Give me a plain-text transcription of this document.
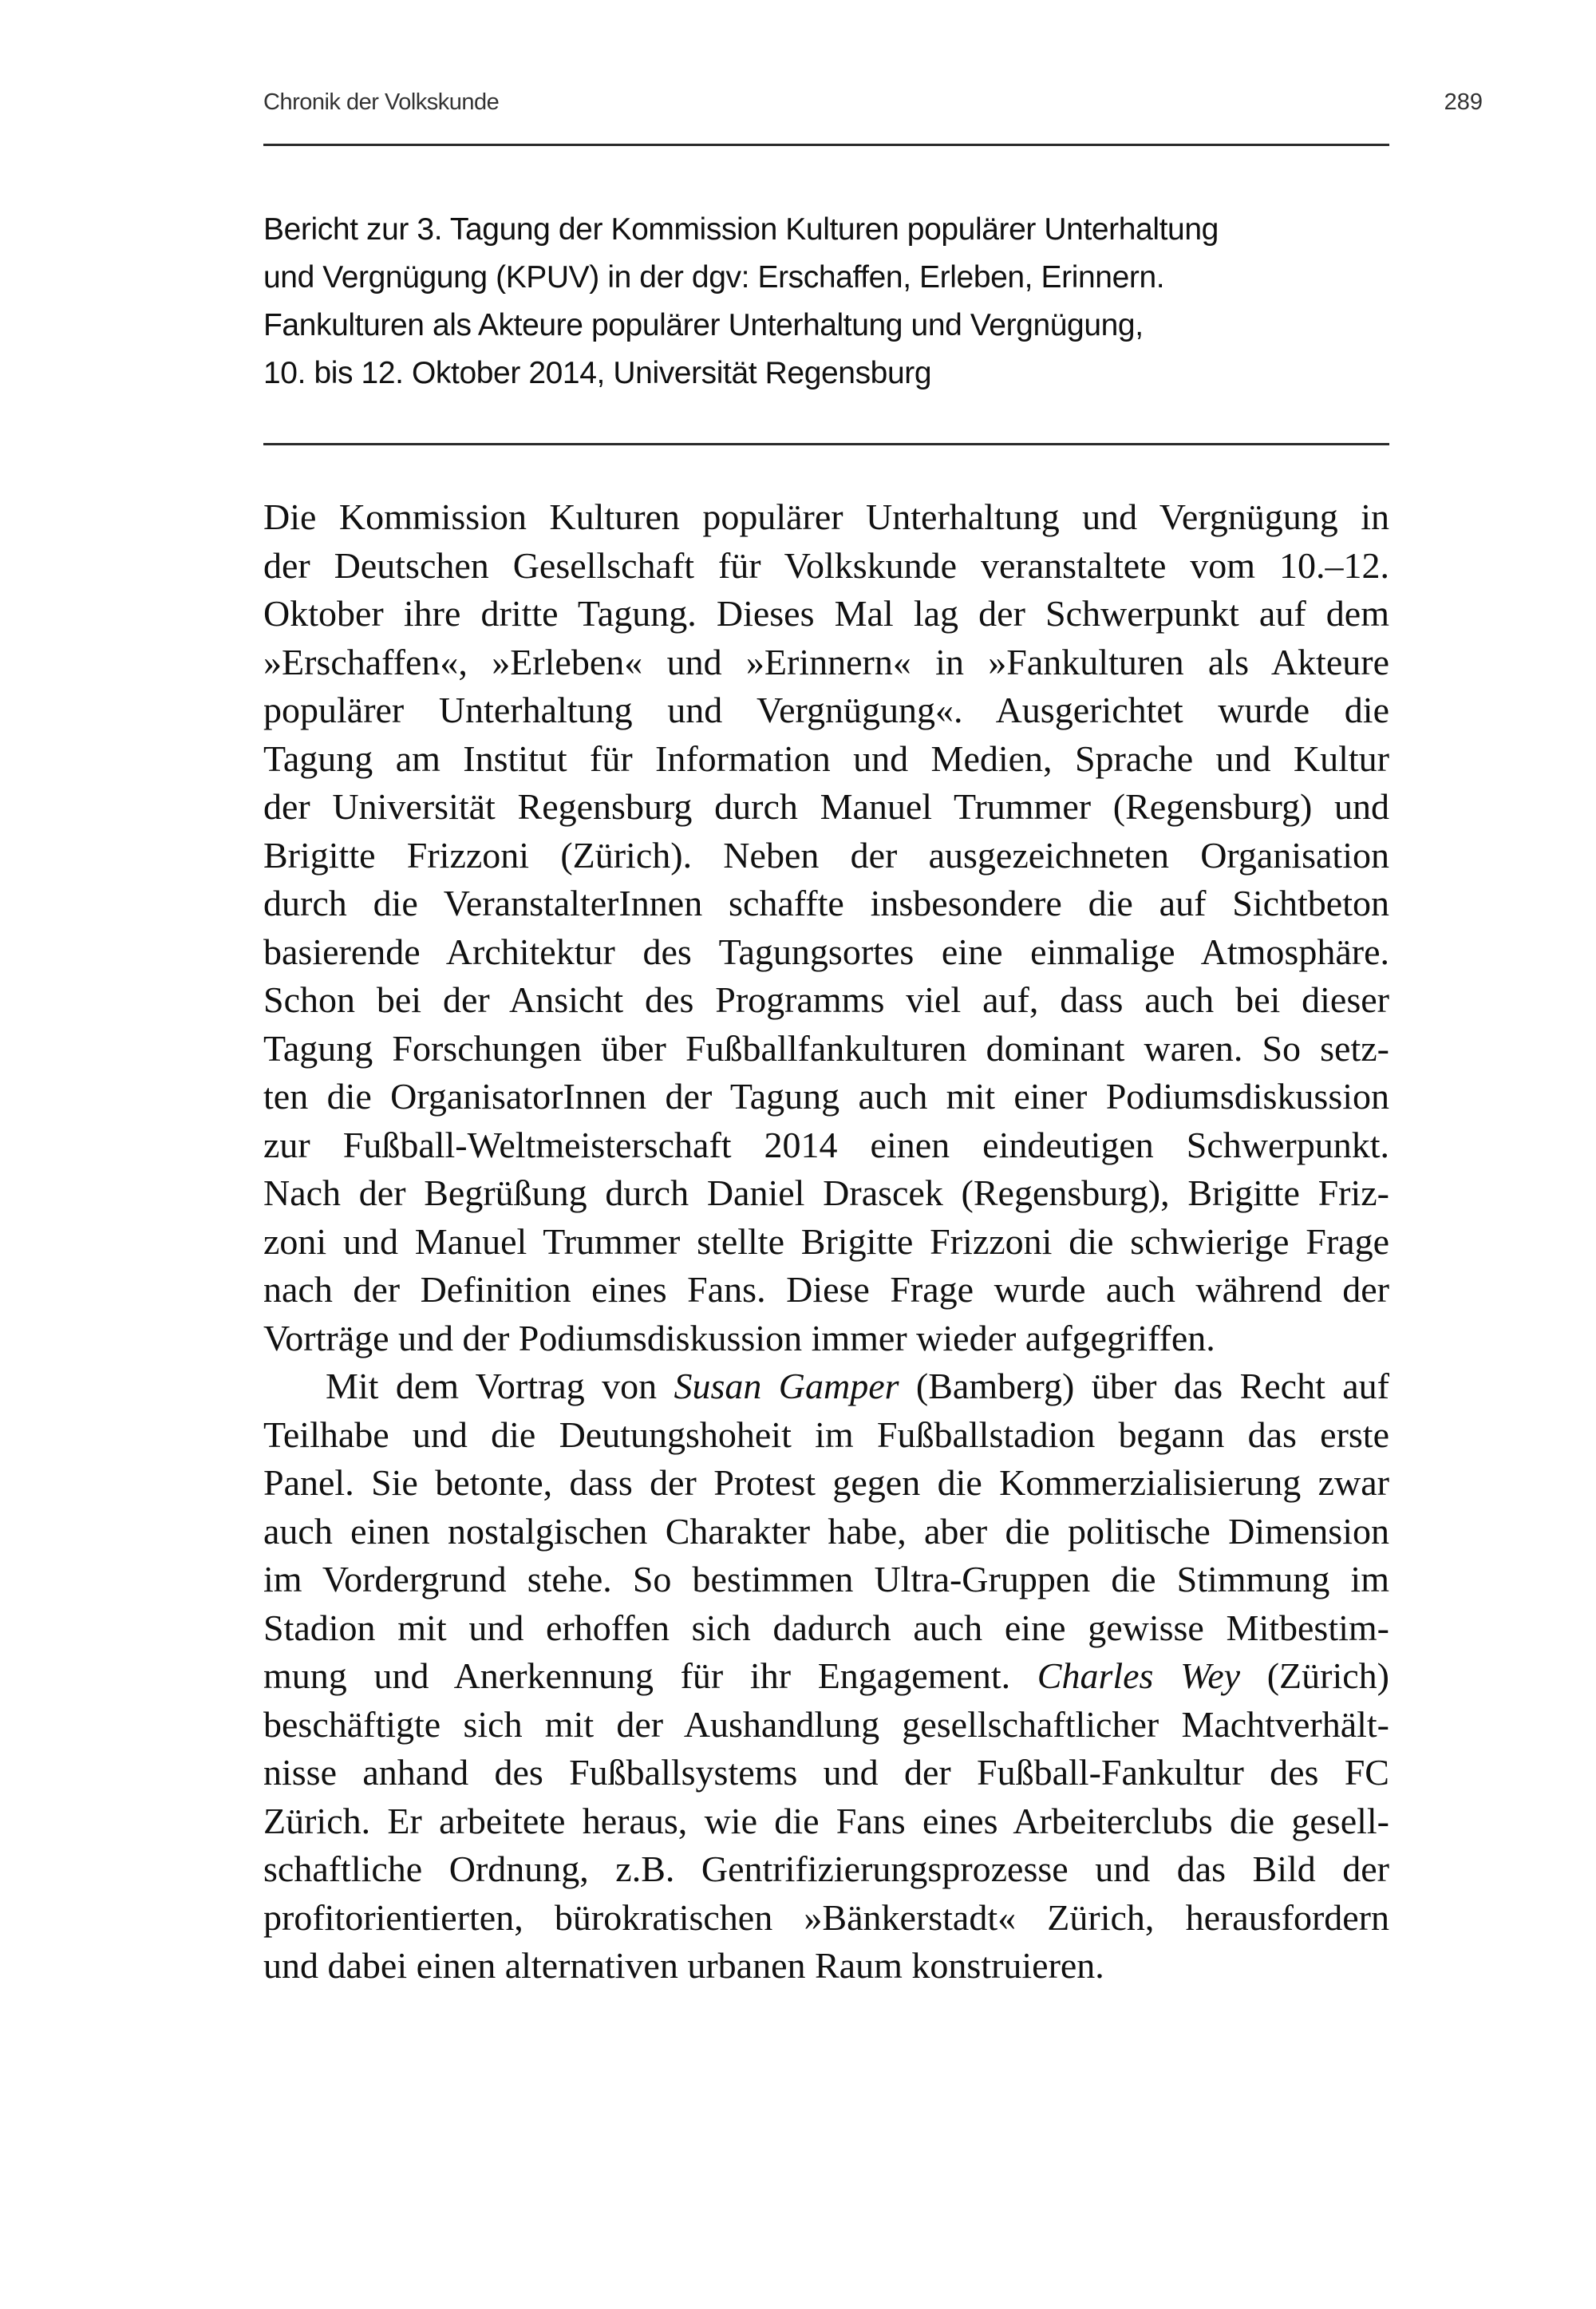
Chronik der Volkskunde	289
Bericht zur 3. Tagung der Kommission Kulturen populärer Unterhaltung
und Vergnügung (KPUV) in der dgv: Erschaffen, Erleben, Erinnern.
Fankulturen als Akteure populärer Unterhaltung und Vergnügung,
10. bis 12. Oktober 2014, Universität Regensburg
Die Kommission Kulturen populärer Unterhaltung und Vergnügung in
der Deutschen Gesellschaft für Volkskunde veranstaltete vom 10.–12.
Oktober ihre dritte Tagung. Dieses Mal lag der Schwerpunkt auf dem
»Erschaffen«, »Erleben« und »Erinnern« in »Fankulturen als Akteure
populärer Unterhaltung und Vergnügung«. Ausgerichtet wurde die
Tagung am Institut für Information und Medien, Sprache und Kultur
der Universität Regensburg durch Manuel Trummer (Regensburg) und
Brigitte Frizzoni (Zürich). Neben der ausgezeichneten Organisation
durch die VeranstalterInnen schaffte insbesondere die auf Sichtbeton
basierende Architektur des Tagungsortes eine einmalige Atmosphäre.
Schon bei der Ansicht des Programms viel auf, dass auch bei dieser
Tagung Forschungen über Fußballfankulturen dominant waren. So setz-
ten die OrganisatorInnen der Tagung auch mit einer Podiumsdiskussion
zur Fußball-Weltmeisterschaft 2014 einen eindeutigen Schwerpunkt.
Nach der Begrüßung durch Daniel Drascek (Regensburg), Brigitte Friz-
zoni und Manuel Trummer stellte Brigitte Frizzoni die schwierige Frage
nach der Definition eines Fans. Diese Frage wurde auch während der
Vorträge und der Podiumsdiskussion immer wieder aufgegriffen.
Mit dem Vortrag von Susan Gamper (Bamberg) über das Recht auf
Teilhabe und die Deutungshoheit im Fußballstadion begann das erste
Panel. Sie betonte, dass der Protest gegen die Kommerzialisierung zwar
auch einen nostalgischen Charakter habe, aber die politische Dimension
im Vordergrund stehe. So bestimmen Ultra-Gruppen die Stimmung im
Stadion mit und erhoffen sich dadurch auch eine gewisse Mitbestim-
mung und Anerkennung für ihr Engagement. Charles Wey (Zürich)
beschäftigte sich mit der Aushandlung gesellschaftlicher Machtverhält-
nisse anhand des Fußballsystems und der Fußball-Fankultur des FC
Zürich. Er arbeitete heraus, wie die Fans eines Arbeiterclubs die gesell-
schaftliche Ordnung, z.B. Gentrifizierungsprozesse und das Bild der
profitorientierten, bürokratischen »Bänkerstadt« Zürich, herausfordern
und dabei einen alternativen urbanen Raum konstruieren.
